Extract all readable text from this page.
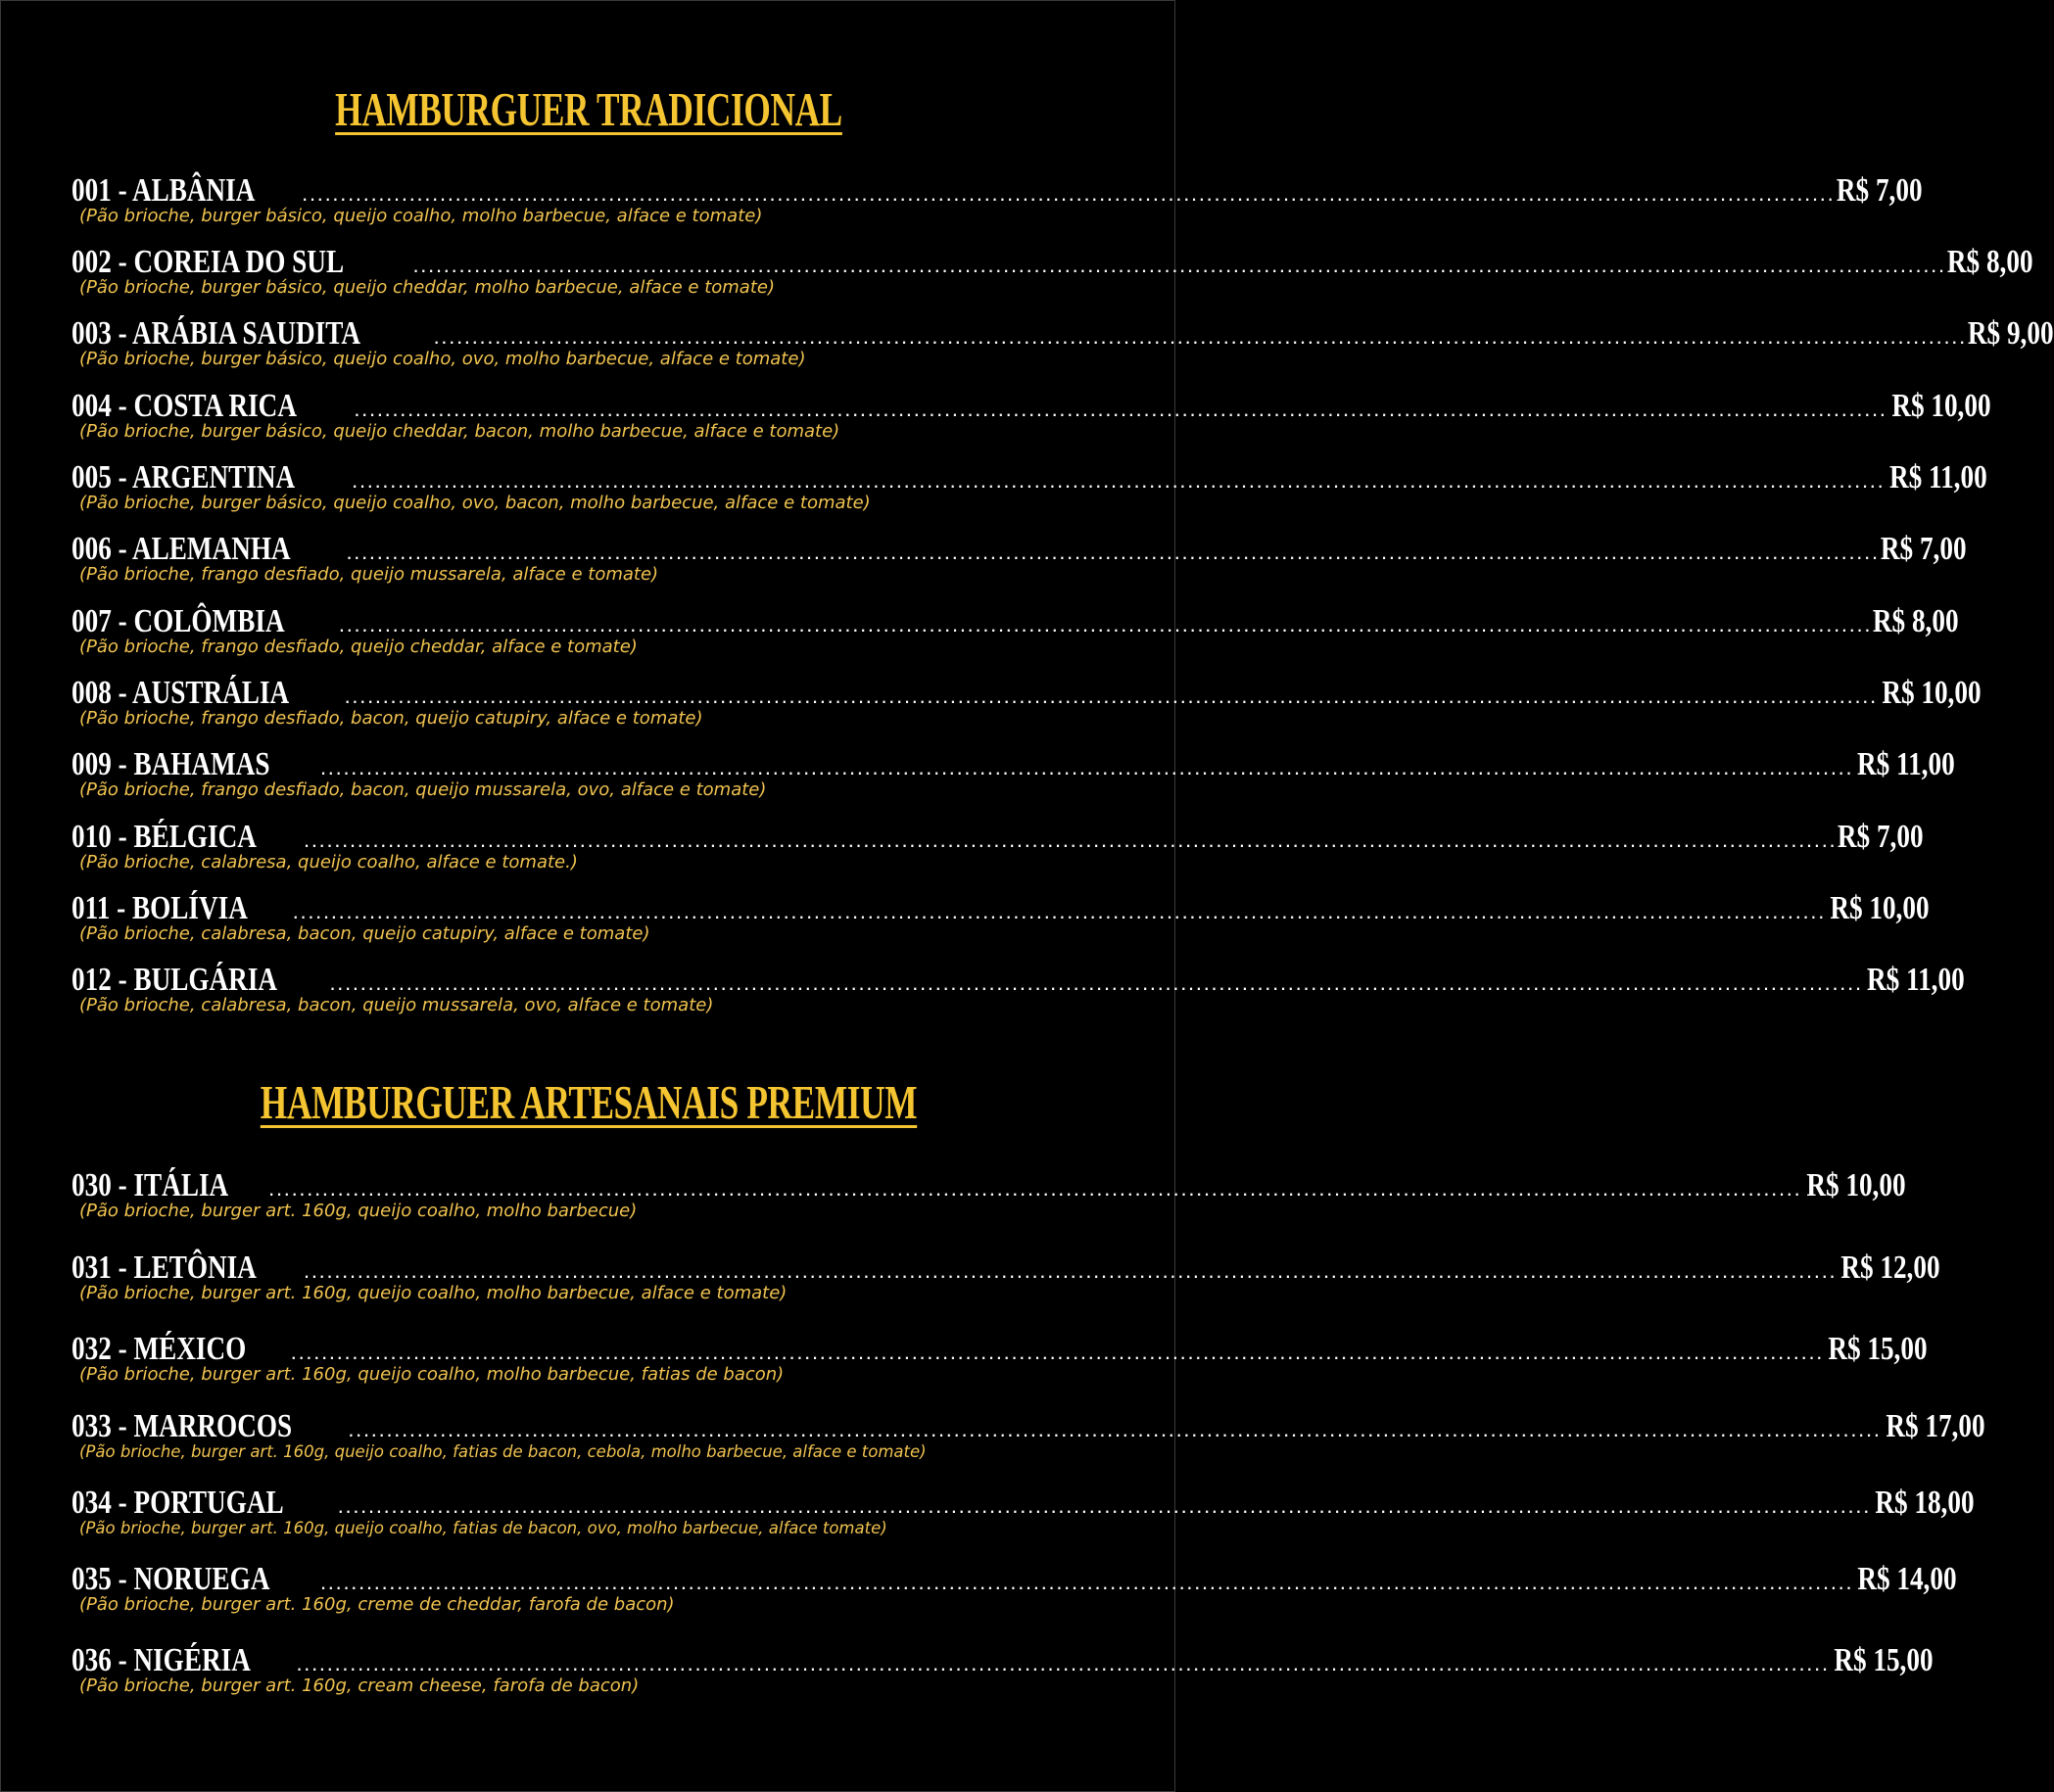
HAMBURGUER TRADICIONAL
001 - ALBÂNIA	........................................................................................................................................................................................................ R$ 7,00
(Pão brioche, burger básico, queijo coalho, molho barbecue, alface e tomate)
002 - COREIA DO SUL	........................................................................................................................................................................................................ R$ 8,00
(Pão brioche, burger básico, queijo cheddar, molho barbecue, alface e tomate)
003 - ARÁBIA SAUDITA	........................................................................................................................................................................................................ R$ 9,00
(Pão brioche, burger básico, queijo coalho, ovo, molho barbecue, alface e tomate)
004 - COSTA RICA	........................................................................................................................................................................................................ R$ 10,00
(Pão brioche, burger básico, queijo cheddar, bacon, molho barbecue, alface e tomate)
005 - ARGENTINA	........................................................................................................................................................................................................ R$ 11,00
(Pão brioche, burger básico, queijo coalho, ovo, bacon, molho barbecue, alface e tomate)
006 - ALEMANHA	........................................................................................................................................................................................................ R$ 7,00
(Pão brioche, frango desfiado, queijo mussarela, alface e tomate)
007 - COLÔMBIA	........................................................................................................................................................................................................ R$ 8,00
(Pão brioche, frango desfiado, queijo cheddar, alface e tomate)
008 - AUSTRÁLIA	........................................................................................................................................................................................................ R$ 10,00
(Pão brioche, frango desfiado, bacon, queijo catupiry, alface e tomate)
009 - BAHAMAS	........................................................................................................................................................................................................ R$ 11,00
(Pão brioche, frango desfiado, bacon, queijo mussarela, ovo, alface e tomate)
010 - BÉLGICA	........................................................................................................................................................................................................ R$ 7,00
(Pão brioche, calabresa, queijo coalho, alface e tomate.)
011 - BOLÍVIA	........................................................................................................................................................................................................ R$ 10,00
(Pão brioche, calabresa, bacon, queijo catupiry, alface e tomate)
012 - BULGÁRIA	........................................................................................................................................................................................................ R$ 11,00
(Pão brioche, calabresa, bacon, queijo mussarela, ovo, alface e tomate)
HAMBURGUER ARTESANAIS PREMIUM
030 - ITÁLIA	........................................................................................................................................................................................................ R$ 10,00
(Pão brioche, burger art. 160g, queijo coalho, molho barbecue)
031 - LETÔNIA	........................................................................................................................................................................................................ R$ 12,00
(Pão brioche, burger art. 160g, queijo coalho, molho barbecue, alface e tomate)
032 - MÉXICO	........................................................................................................................................................................................................ R$ 15,00
(Pão brioche, burger art. 160g, queijo coalho, molho barbecue, fatias de bacon)
033 - MARROCOS	........................................................................................................................................................................................................ R$ 17,00
(Pão brioche, burger art. 160g, queijo coalho, fatias de bacon, cebola, molho barbecue, alface e tomate)
034 - PORTUGAL	........................................................................................................................................................................................................ R$ 18,00
(Pão brioche, burger art. 160g, queijo coalho, fatias de bacon, ovo, molho barbecue, alface tomate)
035 - NORUEGA	........................................................................................................................................................................................................ R$ 14,00
(Pão brioche, burger art. 160g, creme de cheddar, farofa de bacon)
036 - NIGÉRIA	........................................................................................................................................................................................................ R$ 15,00
(Pão brioche, burger art. 160g, cream cheese, farofa de bacon)
